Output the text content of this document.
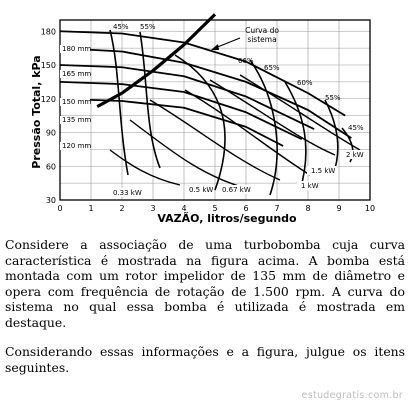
Pressão Total, kPa
VAZÃO, litros/segundo
0	1	2	3	4	5	6	7	8	9	10
30
60
90
120
150
180	Curva do
sistema
180 mm
165 mm
150 mm
135 mm
120 mm
45% 55%
66%
65%
60%
55%
45%
0.33 kW	0.5 kW 0.67 kW	1 kW
1.5 kW
2 kW

Considere a associação de uma turbobomba cuja curva característica é mostrada na figura acima. A bomba está montada com um rotor impelidor de 135 mm de diâmetro e opera com frequência de rotação de 1.500 rpm. A curva do sistema no qual essa bomba é utilizada é mostrada em destaque.

Considerando essas informações e a figura, julgue os itens seguintes.

estudegratis.com.br
